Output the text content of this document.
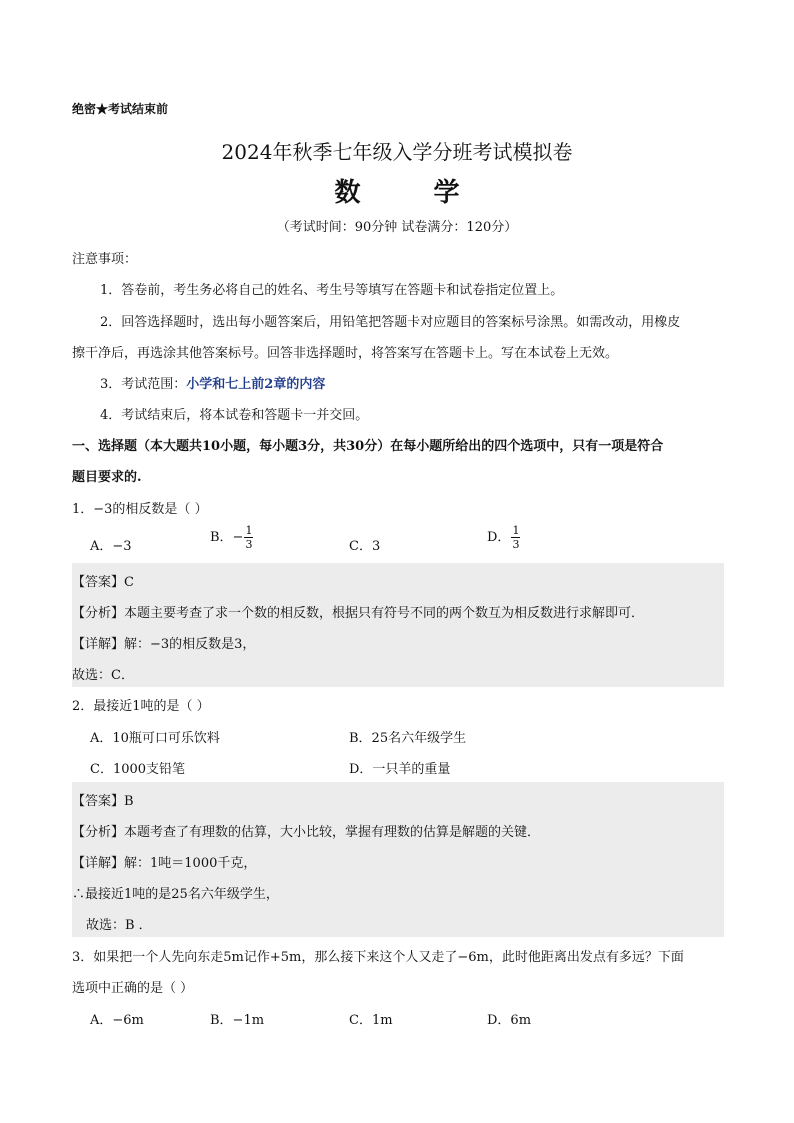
绝密★考试结束前
2024年秋季七年级入学分班考试模拟卷
数 学
（考试时间：90分钟 试卷满分：120分）
注意事项：
1．答卷前，考生务必将自己的姓名、考生号等填写在答题卡和试卷指定位置上。
2．回答选择题时，选出每小题答案后，用铅笔把答题卡对应题目的答案标号涂黑。如需改动，用橡皮
擦干净后，再选涂其他答案标号。回答非选择题时，将答案写在答题卡上。写在本试卷上无效。
3．考试范围：小学和七上前2章的内容
4．考试结束后，将本试卷和答题卡一并交回。
一、选择题（本大题共10小题，每小题3分，共30分）在每小题所给出的四个选项中，只有一项是符合
题目要求的.
1．−3的相反数是（ ）
A．−3
B．− $\frac{1}{3}$	C．3
D． $\frac{1}{3}$
【答案】C
【分析】本题主要考查了求一个数的相反数，根据只有符号不同的两个数互为相反数进行求解即可．
【详解】解：−3的相反数是3，
故选：C．
2．最接近1吨的是（ ）
A．10瓶可口可乐饮料	B．25名六年级学生
C．1000支铅笔	D．一只羊的重量
【答案】B
【分析】本题考查了有理数的估算，大小比较，掌握有理数的估算是解题的关键．
【详解】解：1吨＝1000千克，
∴最接近1吨的是25名六年级学生，
故选：B ．
3．如果把一个人先向东走5m记作+5m，那么接下来这个人又走了−6m，此时他距离出发点有多远？下面
选项中正确的是（ ）
A．−6m	B．−1m	C．1m	D．6m
